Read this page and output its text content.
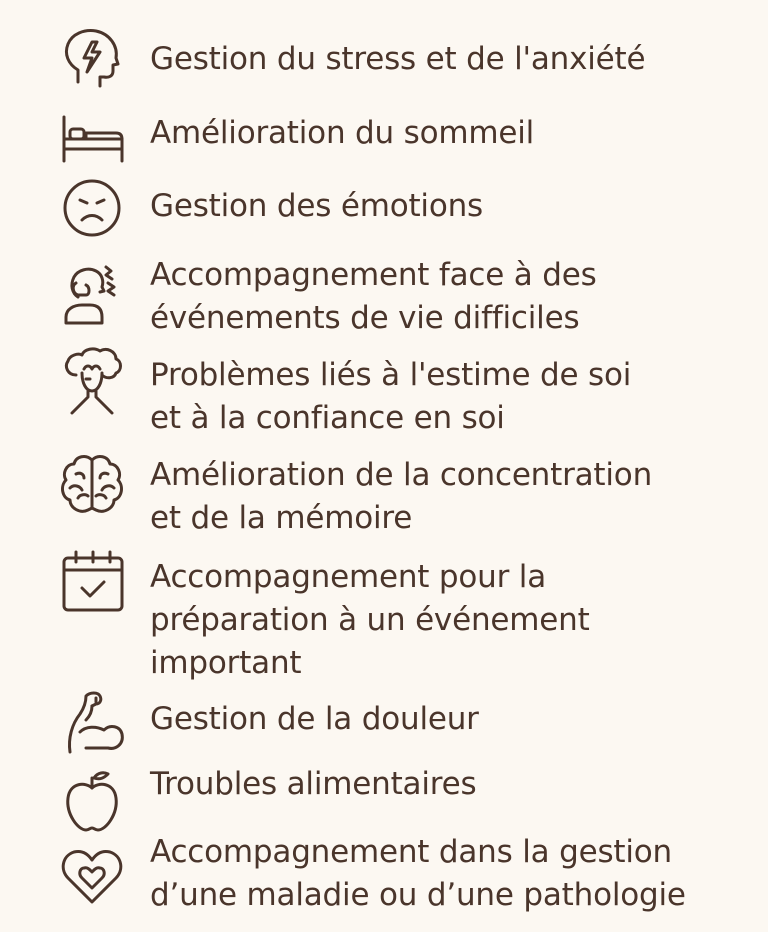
Gestion du stress et de l'anxiété
Amélioration du sommeil
Gestion des émotions
Accompagnement face à des
événements de vie difficiles
Problèmes liés à l'estime de soi
et à la confiance en soi
Amélioration de la concentration
et de la mémoire
Accompagnement pour la
préparation à un événement
important
Gestion de la douleur
Troubles alimentaires
Accompagnement dans la gestion
d’une maladie ou d’une pathologie
